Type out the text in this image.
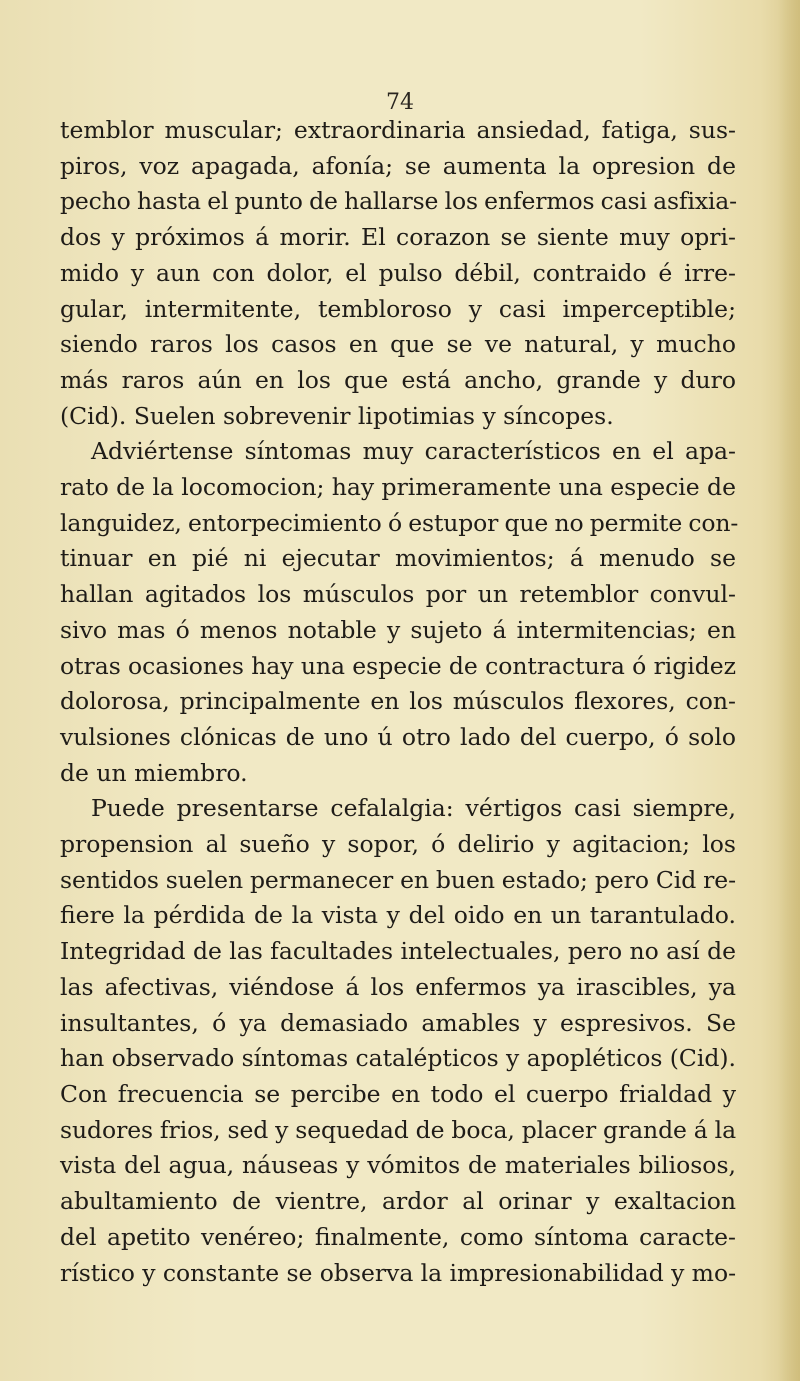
74
temblor muscular; extraordinaria ansiedad, fatiga, sus-
piros, voz apagada, afonía; se aumenta la opresion de
pecho hasta el punto de hallarse los enfermos casi asfixia-
dos y próximos á morir. El corazon se siente muy opri-
mido y aun con dolor, el pulso débil, contraido é irre-
gular, intermitente, tembloroso y casi imperceptible;
siendo raros los casos en que se ve natural, y mucho
más raros aún en los que está ancho, grande y duro
(Cid). Suelen sobrevenir lipotimias y síncopes.
Adviértense síntomas muy característicos en el apa-
rato de la locomocion; hay primeramente una especie de
languidez, entorpecimiento ó estupor que no permite con-
tinuar en pié ni ejecutar movimientos; á menudo se
hallan agitados los músculos por un retemblor convul-
sivo mas ó menos notable y sujeto á intermitencias; en
otras ocasiones hay una especie de contractura ó rigidez
dolorosa, principalmente en los músculos flexores, con-
vulsiones clónicas de uno ú otro lado del cuerpo, ó solo
de un miembro.
Puede presentarse cefalalgia: vértigos casi siempre,
propension al sueño y sopor, ó delirio y agitacion; los
sentidos suelen permanecer en buen estado; pero Cid re-
fiere la pérdida de la vista y del oido en un tarantulado.
Integridad de las facultades intelectuales, pero no así de
las afectivas, viéndose á los enfermos ya irascibles, ya
insultantes, ó ya demasiado amables y espresivos. Se
han observado síntomas catalépticos y apopléticos (Cid).
Con frecuencia se percibe en todo el cuerpo frialdad y
sudores frios, sed y sequedad de boca, placer grande á la
vista del agua, náuseas y vómitos de materiales biliosos,
abultamiento de vientre, ardor al orinar y exaltacion
del apetito venéreo; finalmente, como síntoma caracte-
rístico y constante se observa la impresionabilidad y mo-
